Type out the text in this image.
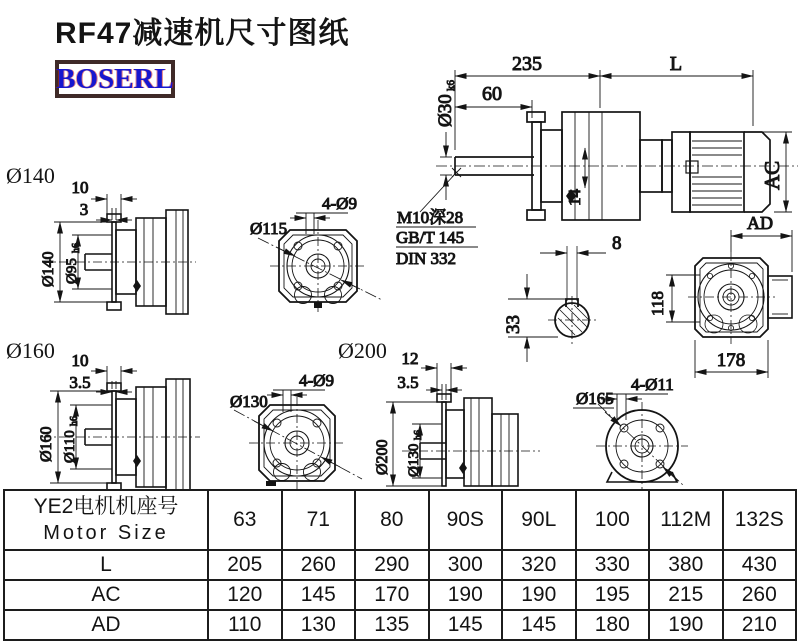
RF47减速机尺寸图纸
BOSERL	235	L
60
Ø30
k6
14
AC
M10深28
GB/T 145
DIN 332
8
33
AD
118
178
Ø140 10
3
Ø140 Ø95
h6
Ø115
4-Ø9
Ø160 10
3.5
Ø160 Ø110
h6
Ø130
4-Ø9
Ø200 12
3.5
Ø200 Ø130
h6
Ø165
4-Ø11
YE2电机机座号
Motor Size	63	71	80	90S	90L	100	112M	132S
L	205	260	290	300	320	330	380	430
AC	120	145	170	190	190	195	215	260
AD	110	130	135	145	145	180	190	210
